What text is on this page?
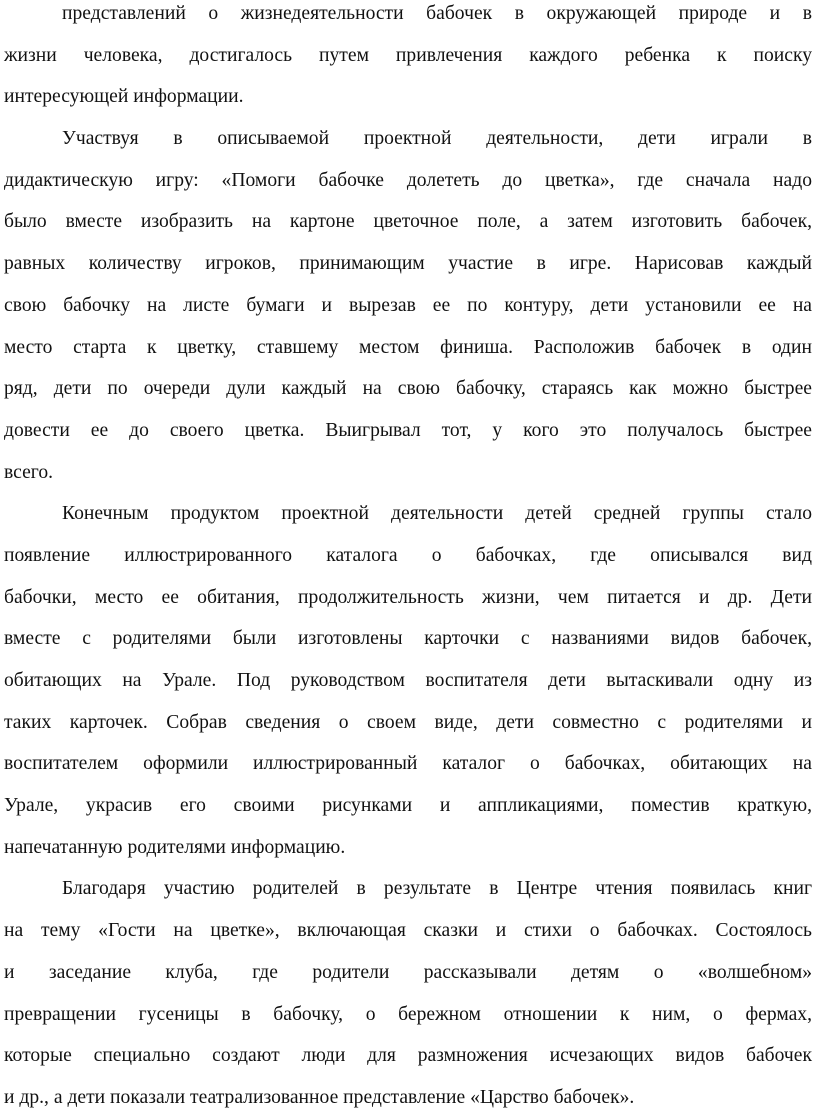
представлений о жизнедеятельности бабочек в окружающей природе и в
жизни человека, достигалось путем привлечения каждого ребенка к поиску
интересующей информации.
Участвуя в описываемой проектной деятельности, дети играли в
дидактическую игру: «Помоги бабочке долететь до цветка», где сначала надо
было вместе изобразить на картоне цветочное поле, а затем изготовить бабочек,
равных количеству игроков, принимающим участие в игре. Нарисовав каждый
свою бабочку на листе бумаги и вырезав ее по контуру, дети установили ее на
место старта к цветку, ставшему местом финиша. Расположив бабочек в один
ряд, дети по очереди дули каждый на свою бабочку, стараясь как можно быстрее
довести ее до своего цветка. Выигрывал тот, у кого это получалось быстрее
всего.
Конечным продуктом проектной деятельности детей средней группы стало
появление иллюстрированного каталога о бабочках, где описывался вид
бабочки, место ее обитания, продолжительность жизни, чем питается и др. Дети
вместе с родителями были изготовлены карточки с названиями видов бабочек,
обитающих на Урале. Под руководством воспитателя дети вытаскивали одну из
таких карточек. Собрав сведения о своем виде, дети совместно с родителями и
воспитателем оформили иллюстрированный каталог о бабочках, обитающих на
Урале, украсив его своими рисунками и аппликациями, поместив краткую,
напечатанную родителями информацию.
Благодаря участию родителей в результате в Центре чтения появилась книг
на тему «Гости на цветке», включающая сказки и стихи о бабочках. Состоялось
и заседание клуба, где родители рассказывали детям о «волшебном»
превращении гусеницы в бабочку, о бережном отношении к ним, о фермах,
которые специально создают люди для размножения исчезающих видов бабочек
и др., а дети показали театрализованное представление «Царство бабочек».
